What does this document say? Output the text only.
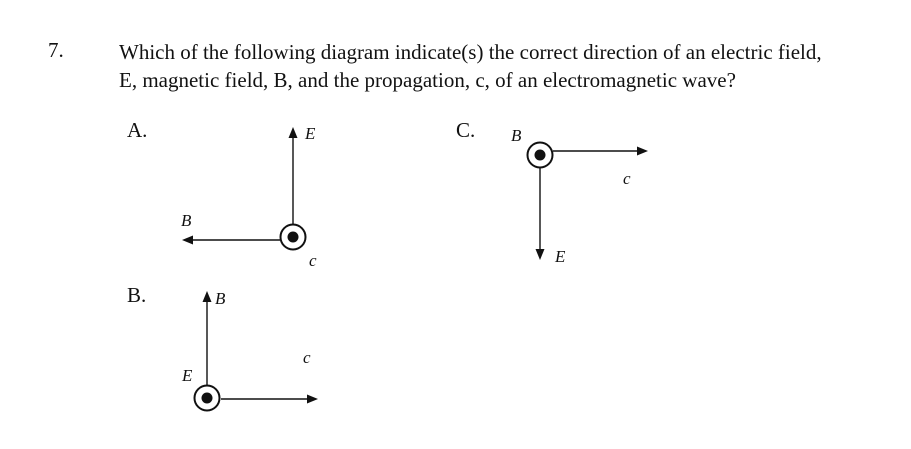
7.	Which of the following diagram indicate(s) the correct direction of an electric field,
E, magnetic field, B, and the propagation, c, of an electromagnetic wave?
A.
B.
C.
E
B
c
B
E
c
B
c
E
